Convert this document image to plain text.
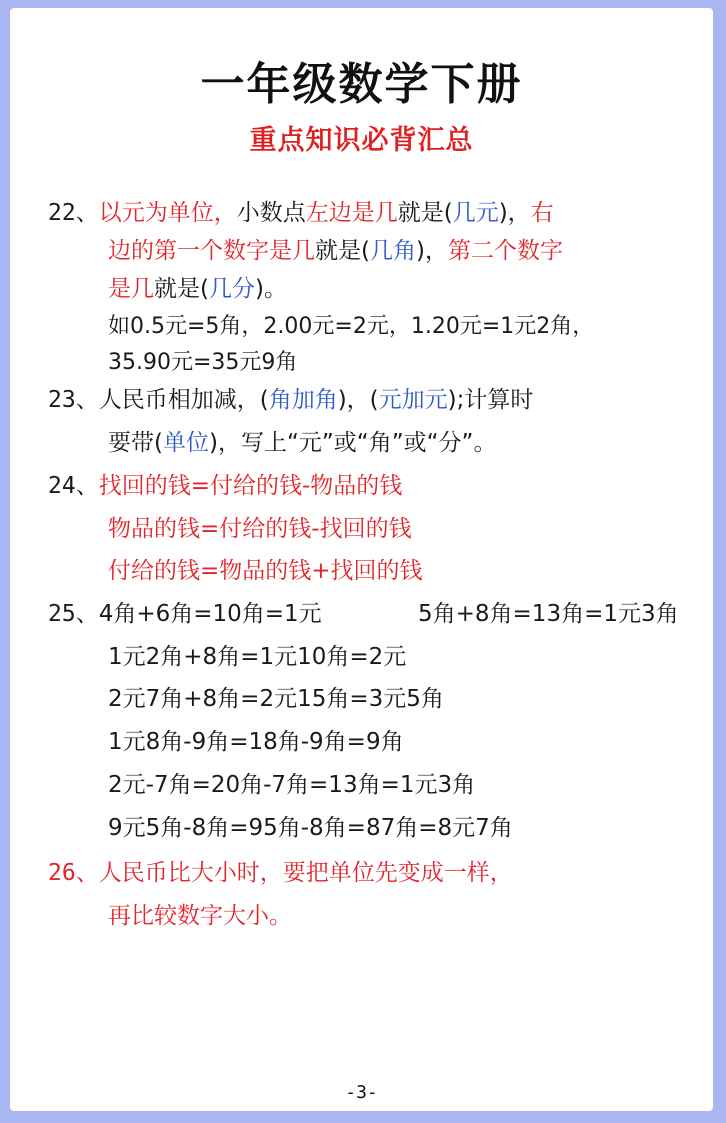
一年级数学下册
重点知识必背汇总
22、以元为单位，小数点左边是几就是(几元)，右
边的第一个数字是几就是(几角)，第二个数字
是几就是(几分)。
如0.5元=5角，2.00元=2元，1.20元=1元2角，
35.90元=35元9角
23、人民币相加减，(角加角)，(元加元);计算时
要带(单位)，写上“元”或“角”或“分”。
24、找回的钱=付给的钱-物品的钱
物品的钱=付给的钱-找回的钱
付给的钱=物品的钱+找回的钱
25、4角+6角=10角=1元	5角+8角=13角=1元3角
1元2角+8角=1元10角=2元
2元7角+8角=2元15角=3元5角
1元8角-9角=18角-9角=9角
2元-7角=20角-7角=13角=1元3角
9元5角-8角=95角-8角=87角=8元7角
26、人民币比大小时，要把单位先变成一样，
再比较数字大小。
-3-
